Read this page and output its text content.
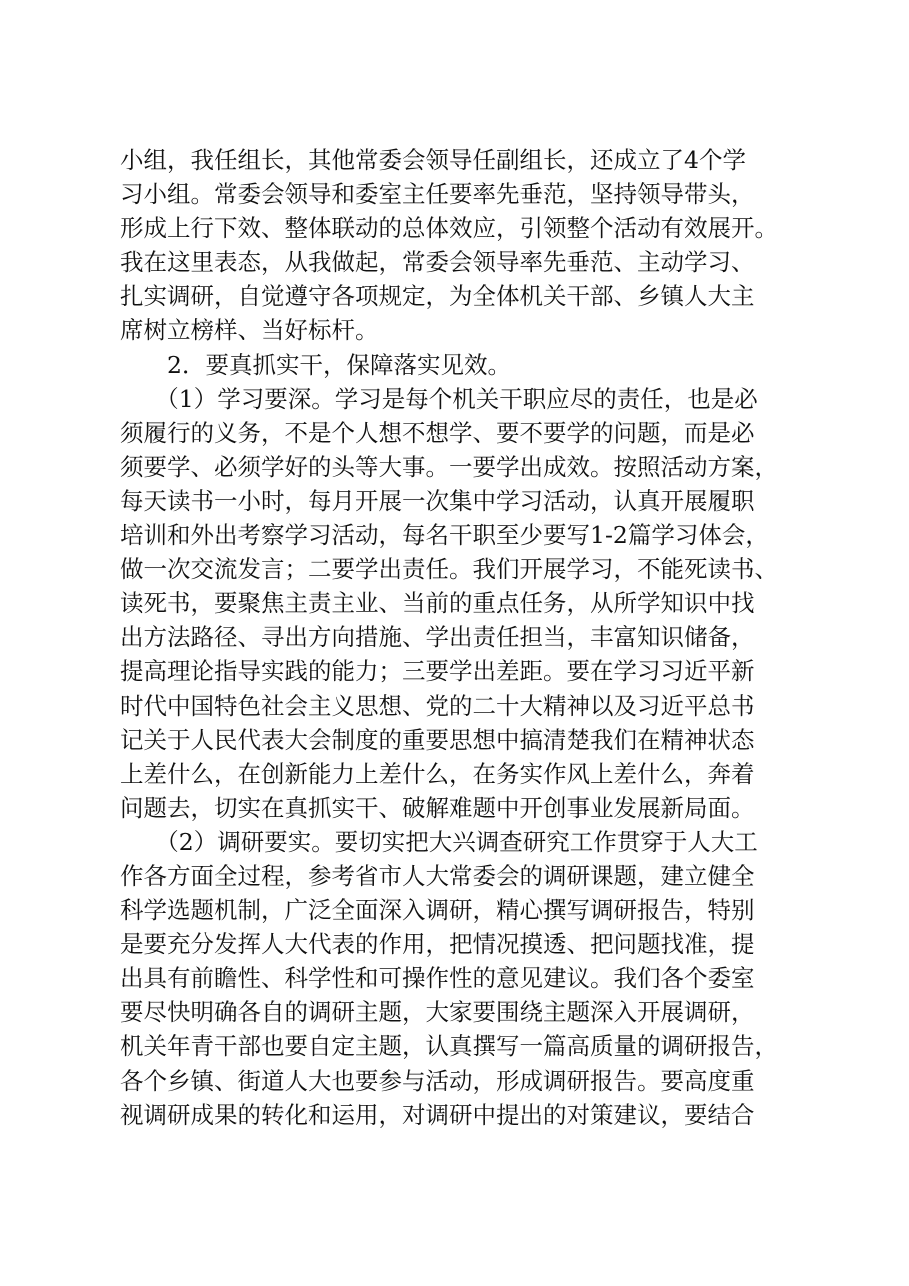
小组，我任组长，其他常委会领导任副组长，还成立了4个学
习小组。常委会领导和委室主任要率先垂范，坚持领导带头，
形成上行下效、整体联动的总体效应，引领整个活动有效展开。
我在这里表态，从我做起，常委会领导率先垂范、主动学习、
扎实调研，自觉遵守各项规定，为全体机关干部、乡镇人大主
席树立榜样、当好标杆。
　　2．要真抓实干，保障落实见效。
　　（1）学习要深。学习是每个机关干职应尽的责任，也是必
须履行的义务，不是个人想不想学、要不要学的问题，而是必
须要学、必须学好的头等大事。一要学出成效。按照活动方案，
每天读书一小时，每月开展一次集中学习活动，认真开展履职
培训和外出考察学习活动，每名干职至少要写1-2篇学习体会，
做一次交流发言；二要学出责任。我们开展学习，不能死读书、
读死书，要聚焦主责主业、当前的重点任务，从所学知识中找
出方法路径、寻出方向措施、学出责任担当，丰富知识储备，
提高理论指导实践的能力；三要学出差距。要在学习习近平新
时代中国特色社会主义思想、党的二十大精神以及习近平总书
记关于人民代表大会制度的重要思想中搞清楚我们在精神状态
上差什么，在创新能力上差什么，在务实作风上差什么，奔着
问题去，切实在真抓实干、破解难题中开创事业发展新局面。
　　（2）调研要实。要切实把大兴调查研究工作贯穿于人大工
作各方面全过程，参考省市人大常委会的调研课题，建立健全
科学选题机制，广泛全面深入调研，精心撰写调研报告，特别
是要充分发挥人大代表的作用，把情况摸透、把问题找准，提
出具有前瞻性、科学性和可操作性的意见建议。我们各个委室
要尽快明确各自的调研主题，大家要围绕主题深入开展调研，
机关年青干部也要自定主题，认真撰写一篇高质量的调研报告，
各个乡镇、街道人大也要参与活动，形成调研报告。要高度重
视调研成果的转化和运用，对调研中提出的对策建议，要结合
